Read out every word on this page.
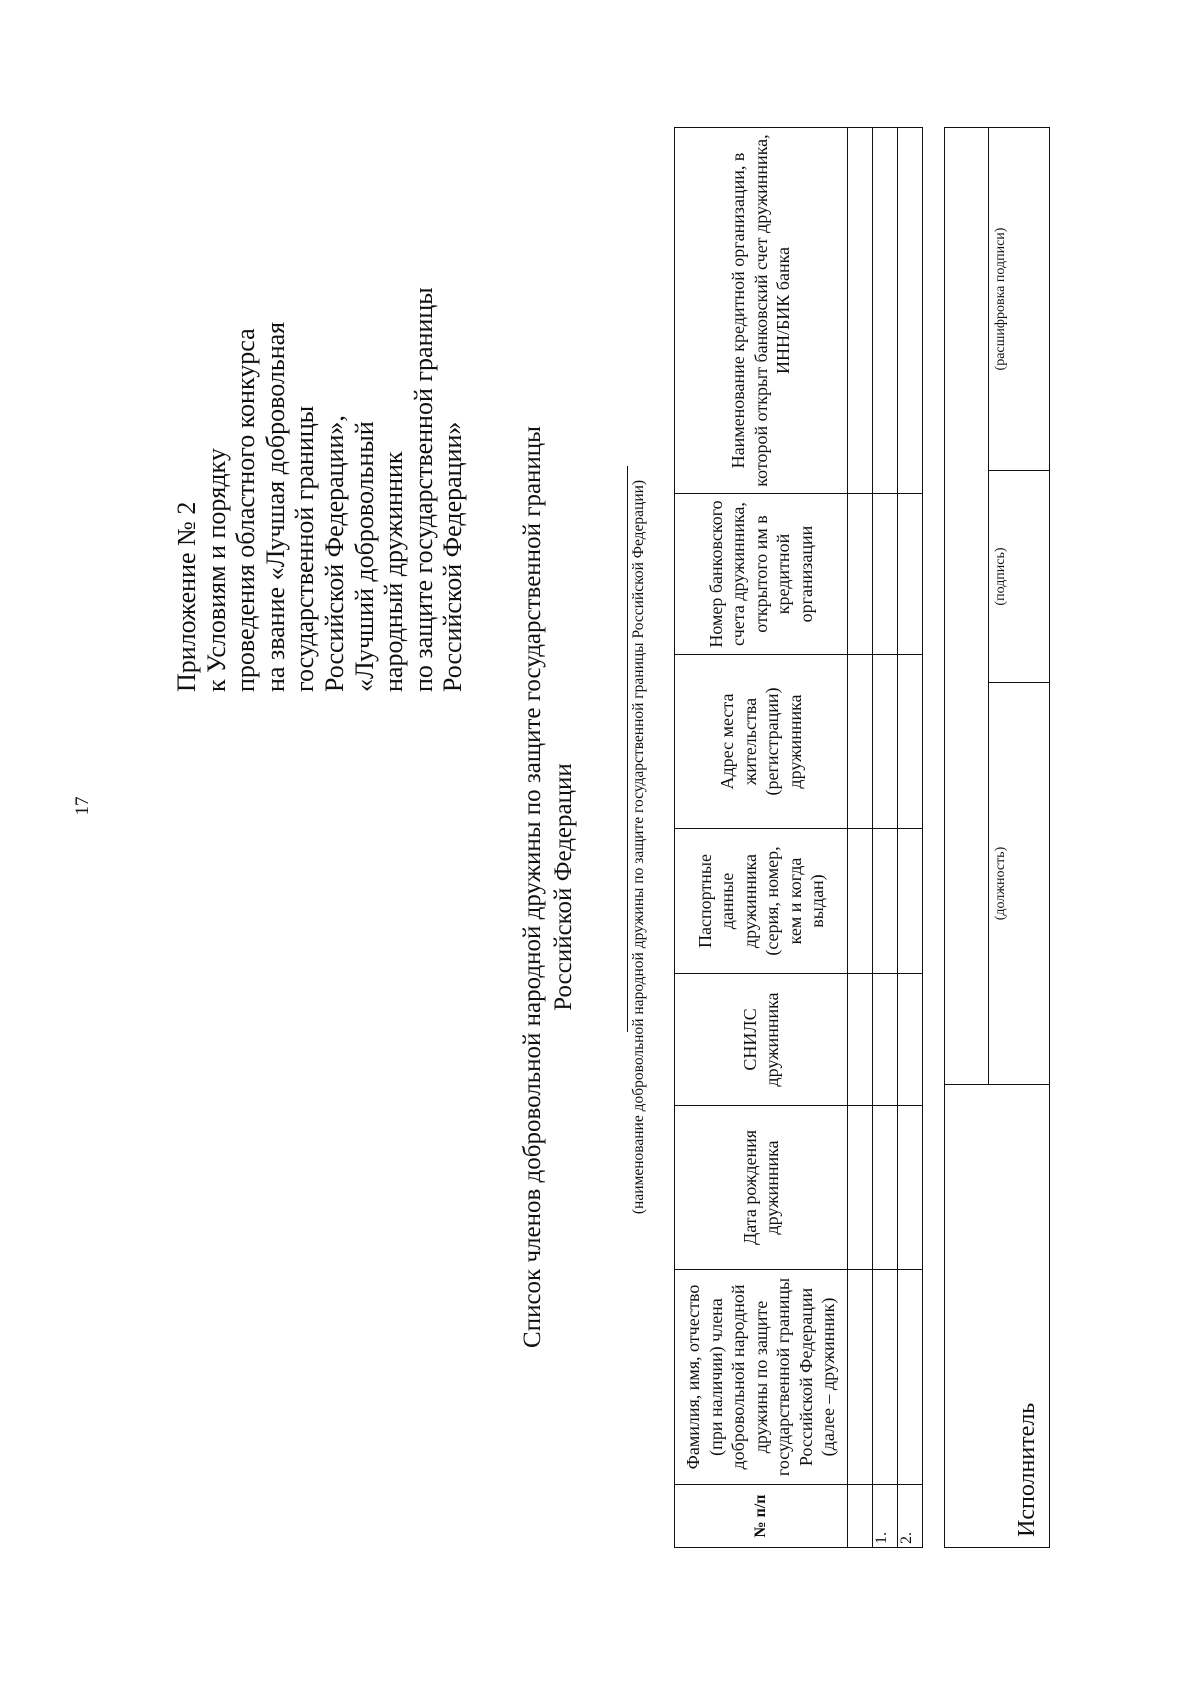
17
Приложение № 2 к Условиям и порядку проведения областного конкурса на звание «Лучшая добровольная государственной границы Российской Федерации», «Лучший добровольный народный дружинник по защите государственной границы Российской Федерации» Список членов добровольной народной дружины по защите государственной границы Российской Федерации	(наименование добровольной народной дружины по защите государственной границы Российской Федерации)
№ п/п	Фамилия, имя, отчество (при наличии) члена добровольной народной дружины по защите государственной границы Российской Федерации (далее – дружинник)	Дата рождения дружинника	СНИЛС дружинника	Паспортные данные дружинника (серия, номер, кем и когда выдан)	Адрес места жительства (регистрации) дружинника	Номер банковского счета дружинника, открытого им в кредитной организации	Наименование кредитной организации, в которой открыт банковский счет дружинника, ИНН/БИК банка

1.							
2.							
Исполнитель			

	(должность)	(подпись)	(расшифровка подписи)
